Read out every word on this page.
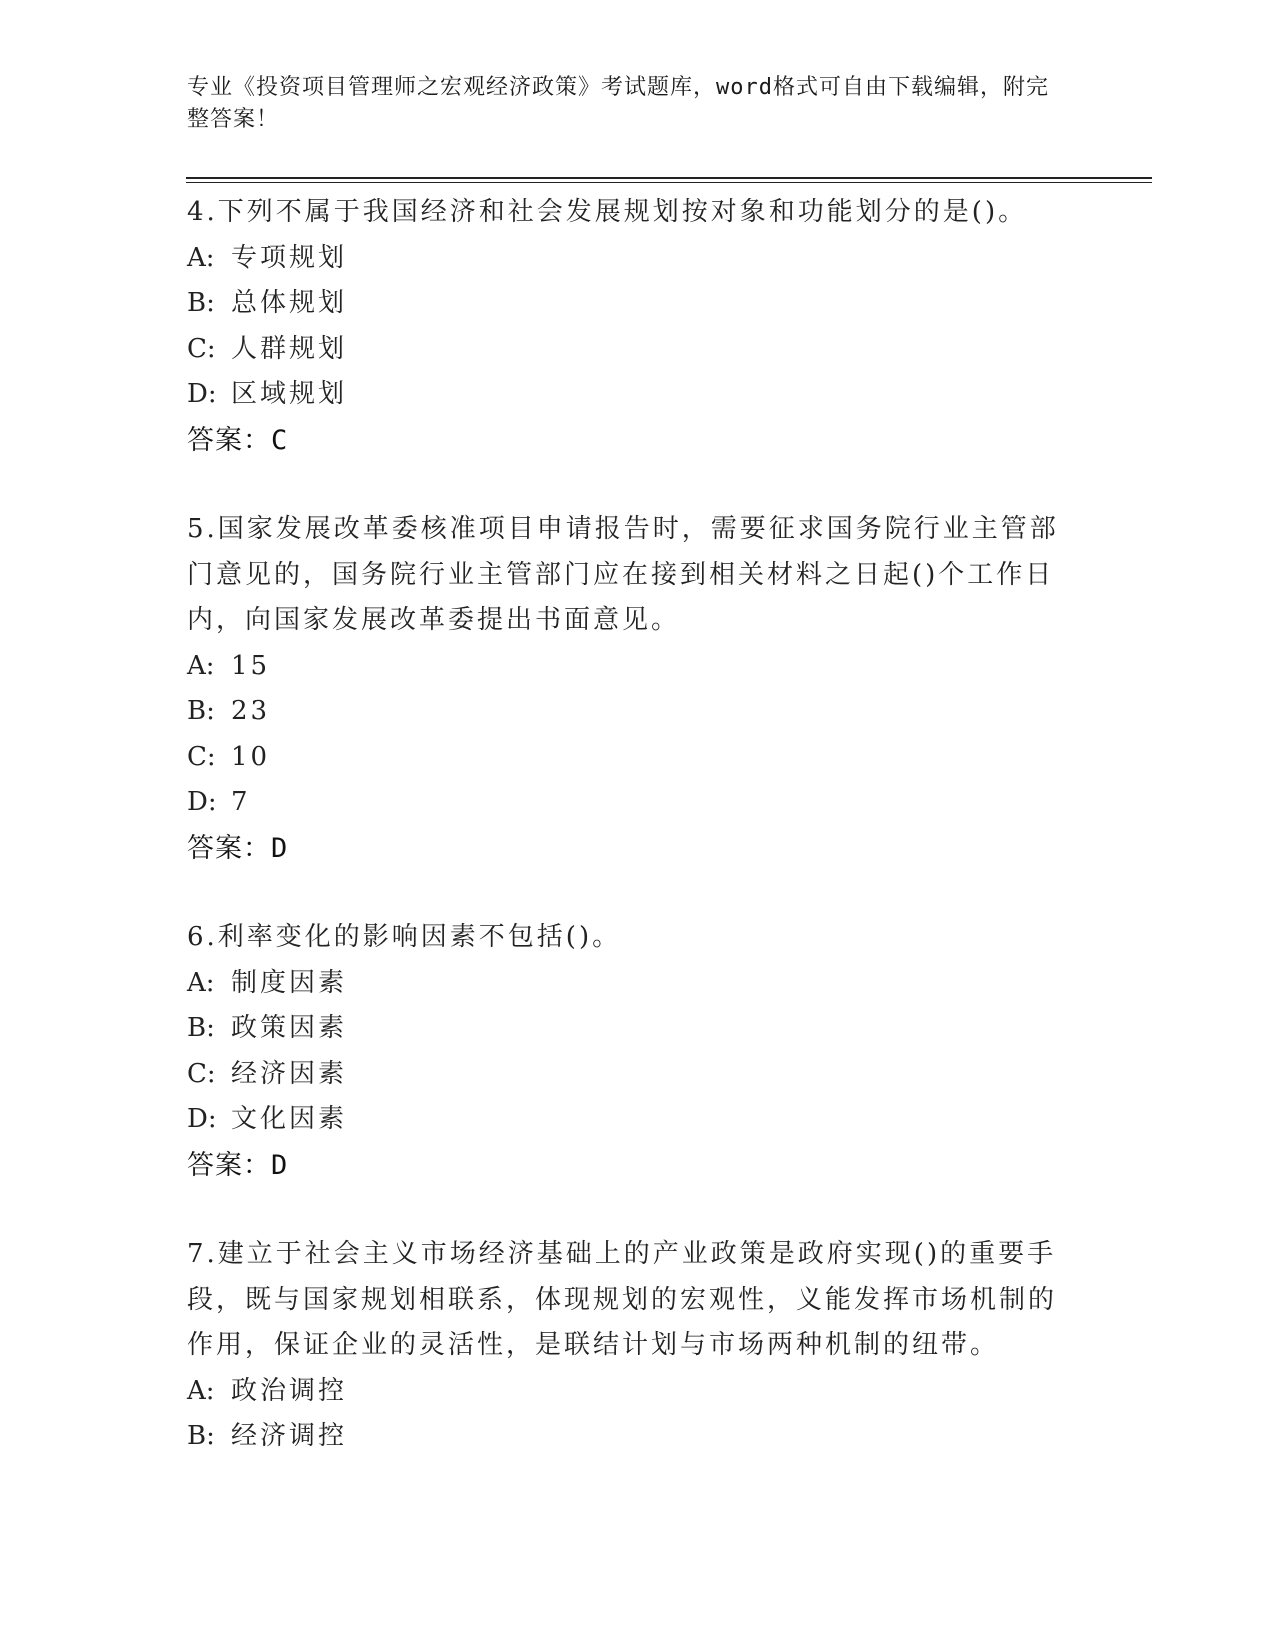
专业《投资项目管理师之宏观经济政策》考试题库，word格式可自由下载编辑，附完整答案！
4.下列不属于我国经济和社会发展规划按对象和功能划分的是()。
A: 专项规划
B: 总体规划
C: 人群规划
D: 区域规划
答案：C
5.国家发展改革委核准项目申请报告时，需要征求国务院行业主管部门意见的，国务院行业主管部门应在接到相关材料之日起()个工作日内，向国家发展改革委提出书面意见。
A: 15
B: 23
C: 10
D: 7
答案：D
6.利率变化的影响因素不包括()。
A: 制度因素
B: 政策因素
C: 经济因素
D: 文化因素
答案：D
7.建立于社会主义市场经济基础上的产业政策是政府实现()的重要手段，既与国家规划相联系，体现规划的宏观性，义能发挥市场机制的作用，保证企业的灵活性，是联结计划与市场两种机制的纽带。
A: 政治调控
B: 经济调控
